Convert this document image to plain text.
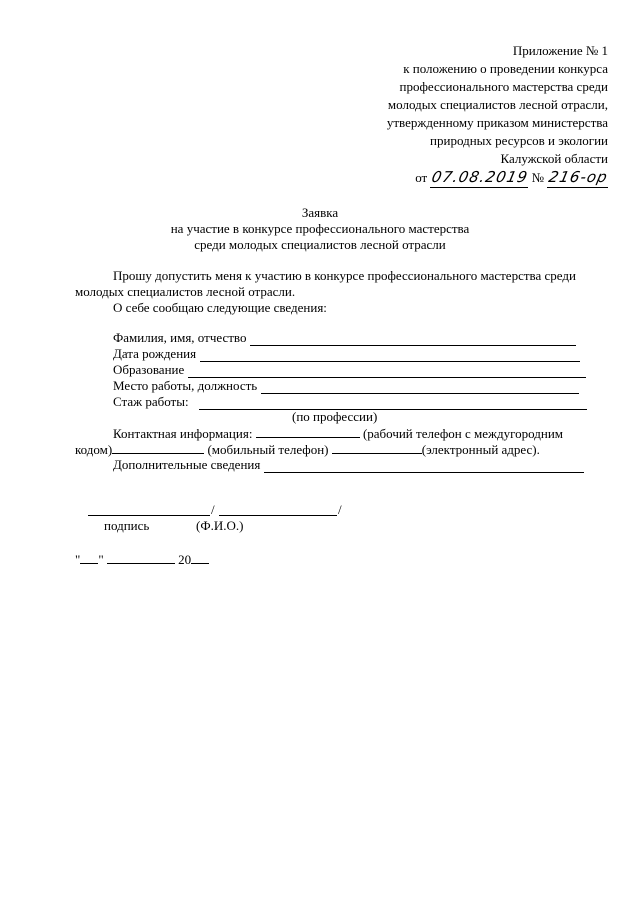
Приложение № 1
к положению о проведении конкурса
профессионального мастерства среди
молодых специалистов лесной отрасли,
утвержденному приказом министерства
природных ресурсов и экологии
Калужской области
от 07.08.2019 № 216-ор
Заявка
на участие в конкурсе профессионального мастерства
среди молодых специалистов лесной отрасли
Прошу допустить меня к участию в конкурсе профессионального мастерства среди
молодых специалистов лесной отрасли.
О себе сообщаю следующие сведения:
Фамилия, имя, отчество
Дата рождения
Образование
Место работы, должность
Стаж работы:
(по профессии)
Контактная информация:	(рабочий телефон с междугородним
кодом)	(мобильный телефон)	(электронный адрес).
Дополнительные сведения
/	/
подпись	(Ф.И.О.)
" "	20
